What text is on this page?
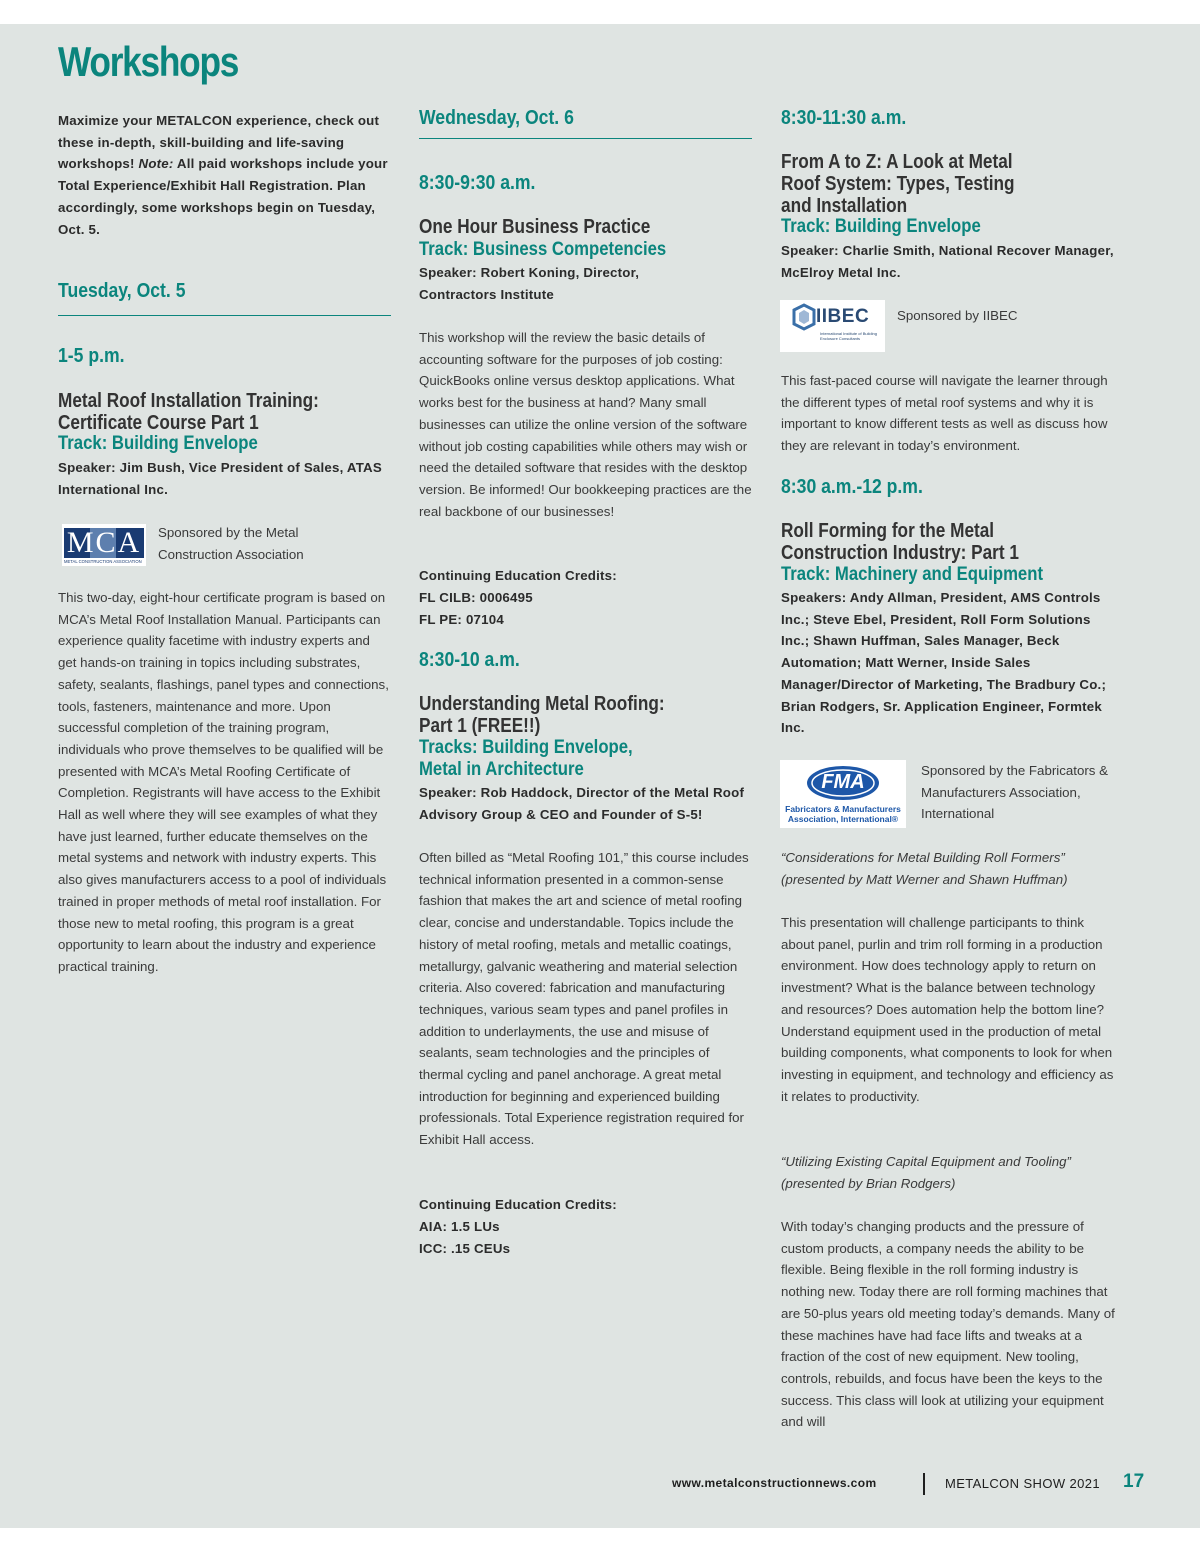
Workshops
Maximize your METALCON experience, check out these in-depth, skill-building and life-saving workshops! Note: All paid workshops include your Total Experience/Exhibit Hall Registration. Plan accordingly, some workshops begin on Tuesday, Oct. 5.
Tuesday, Oct. 5
1-5 p.m.
Metal Roof Installation Training:
Certificate Course Part 1
Track: Building Envelope
Speaker: Jim Bush, Vice President of Sales, ATAS International Inc.
MCA
METAL CONSTRUCTION ASSOCIATION
Sponsored by the Metal Construction Association
This two-day, eight-hour certificate program is based on MCA’s Metal Roof Installation Manual. Participants can experience quality facetime with industry experts and get hands-on training in topics including substrates, safety, sealants, flashings, panel types and connections, tools, fasteners, maintenance and more. Upon successful completion of the training program, individuals who prove themselves to be qualified will be presented with MCA’s Metal Roofing Certificate of Completion. Registrants will have access to the Exhibit Hall as well where they will see examples of what they have just learned, further educate themselves on the metal systems and network with industry experts. This also gives manufacturers access to a pool of individuals trained in proper methods of metal roof installation. For those new to metal roofing, this program is a great opportunity to learn about the industry and experience practical training.
Wednesday, Oct. 6
8:30-9:30 a.m.
One Hour Business Practice
Track: Business Competencies
Speaker: Robert Koning, Director, Contractors Institute
This workshop will the review the basic details of accounting software for the purposes of job costing: QuickBooks online versus desktop applications. What works best for the business at hand? Many small businesses can utilize the online version of the software without job costing capabilities while others may wish or need the detailed software that resides with the desktop version. Be informed! Our bookkeeping practices are the real backbone of our businesses!
Continuing Education Credits:
FL CILB: 0006495
FL PE: 07104
8:30-10 a.m.
Understanding Metal Roofing:
Part 1 (FREE!!)
Tracks: Building Envelope,
Metal in Architecture
Speaker: Rob Haddock, Director of the Metal Roof Advisory Group & CEO and Founder of S-5!
Often billed as “Metal Roofing 101,” this course includes technical information presented in a common-sense fashion that makes the art and science of metal roofing clear, concise and understandable. Topics include the history of metal roofing, metals and metallic coatings, metallurgy, galvanic weathering and material selection criteria. Also covered: fabrication and manufacturing techniques, various seam types and panel profiles in addition to underlayments, the use and misuse of sealants, seam technologies and the principles of thermal cycling and panel anchorage. A great metal introduction for beginning and experienced building professionals. Total Experience registration required for Exhibit Hall access.
Continuing Education Credits:
AIA: 1.5 LUs
ICC: .15 CEUs
8:30-11:30 a.m.
From A to Z: A Look at Metal
Roof System: Types, Testing
and Installation
Track: Building Envelope
Speaker: Charlie Smith, National Recover Manager, McElroy Metal Inc.
IIBEC
International Institute of Building Enclosure Consultants
Sponsored by IIBEC
This fast-paced course will navigate the learner through the different types of metal roof systems and why it is important to know different tests as well as discuss how they are relevant in today’s environment.
8:30 a.m.-12 p.m.
Roll Forming for the Metal
Construction Industry: Part 1
Track: Machinery and Equipment
Speakers: Andy Allman, President, AMS Controls Inc.; Steve Ebel, President, Roll Form Solutions Inc.; Shawn Huffman, Sales Manager, Beck Automation; Matt Werner, Inside Sales Manager/Director of Marketing, The Bradbury Co.; Brian Rodgers, Sr. Application Engineer, Formtek Inc.
FMA
Fabricators & Manufacturers Association, International®
Sponsored by the Fabricators & Manufacturers Association, International
“Considerations for Metal Building Roll Formers”
(presented by Matt Werner and Shawn Huffman)
This presentation will challenge participants to think about panel, purlin and trim roll forming in a production environment. How does technology apply to return on investment? What is the balance between technology and resources? Does automation help the bottom line? Understand equipment used in the production of metal building components, what components to look for when investing in equipment, and technology and efficiency as it relates to productivity.
“Utilizing Existing Capital Equipment and Tooling”
(presented by Brian Rodgers)
With today’s changing products and the pressure of custom products, a company needs the ability to be flexible. Being flexible in the roll forming industry is nothing new. Today there are roll forming machines that are 50-plus years old meeting today’s demands. Many of these machines have had face lifts and tweaks at a fraction of the cost of new equipment. New tooling, controls, rebuilds, and focus have been the keys to the success. This class will look at utilizing your equipment and will
www.metalconstructionnews.com	METALCON SHOW 2021 17
